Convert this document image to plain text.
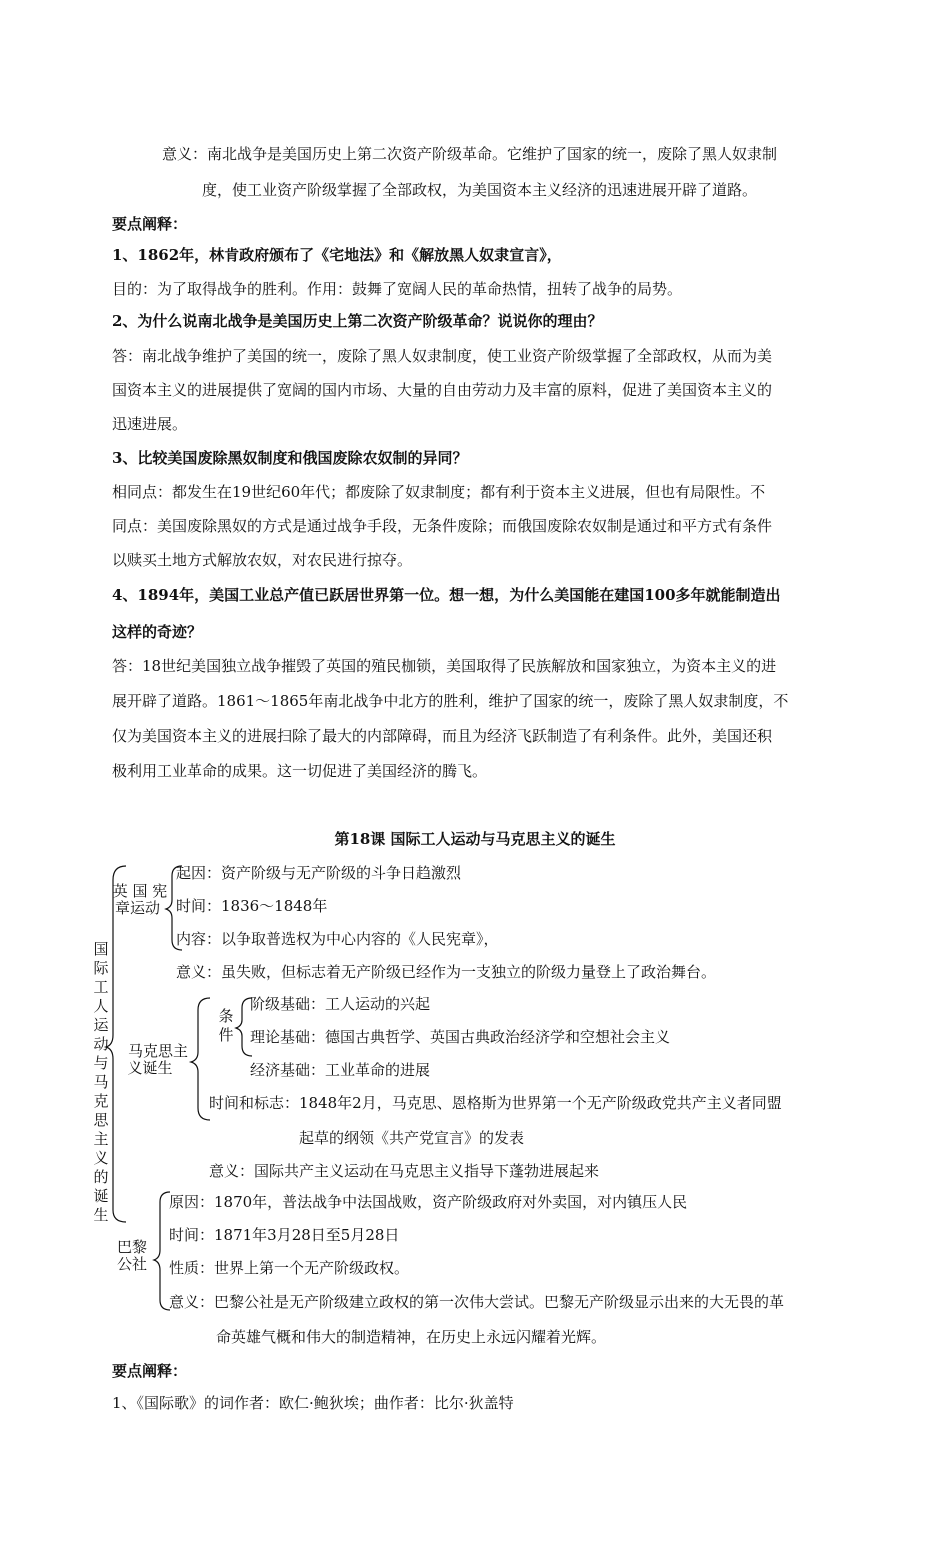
意义：南北战争是美国历史上第二次资产阶级革命。它维护了国家的统一，废除了黑人奴隶制
度，使工业资产阶级掌握了全部政权，为美国资本主义经济的迅速进展开辟了道路。
要点阐释：
1、1862年，林肯政府颁布了《宅地法》和《解放黑人奴隶宣言》，
目的：为了取得战争的胜利。作用：鼓舞了宽阔人民的革命热情，扭转了战争的局势。
2、为什么说南北战争是美国历史上第二次资产阶级革命？说说你的理由？
答：南北战争维护了美国的统一，废除了黑人奴隶制度，使工业资产阶级掌握了全部政权，从而为美
国资本主义的进展提供了宽阔的国内市场、大量的自由劳动力及丰富的原料，促进了美国资本主义的
迅速进展。
3、比较美国废除黑奴制度和俄国废除农奴制的异同？
相同点：都发生在19世纪60年代；都废除了奴隶制度；都有利于资本主义进展，但也有局限性。不
同点：美国废除黑奴的方式是通过战争手段，无条件废除；而俄国废除农奴制是通过和平方式有条件
以赎买土地方式解放农奴，对农民进行掠夺。
4、1894年，美国工业总产值已跃居世界第一位。想一想，为什么美国能在建国100多年就能制造出
这样的奇迹？
答：18世纪美国独立战争摧毁了英国的殖民枷锁，美国取得了民族解放和国家独立，为资本主义的进
展开辟了道路。1861～1865年南北战争中北方的胜利，维护了国家的统一，废除了黑人奴隶制度，不
仅为美国资本主义的进展扫除了最大的内部障碍，而且为经济飞跃制造了有利条件。此外，美国还积
极利用工业革命的成果。这一切促进了美国经济的腾飞。
第18课 国际工人运动与马克思主义的诞生
国际工人运动与马克思主义的诞生
英 国 宪
章运动
起因：资产阶级与无产阶级的斗争日趋激烈
时间：1836～1848年
内容：以争取普选权为中心内容的《人民宪章》，
意义：虽失败，但标志着无产阶级已经作为一支独立的阶级力量登上了政治舞台。
马克思主
义诞生
条件
阶级基础：工人运动的兴起
理论基础：德国古典哲学、英国古典政治经济学和空想社会主义
经济基础：工业革命的进展
时间和标志：1848年2月，马克思、恩格斯为世界第一个无产阶级政党共产主义者同盟
起草的纲领《共产党宣言》的发表
意义：国际共产主义运动在马克思主义指导下蓬勃进展起来
巴黎
公社
原因：1870年，普法战争中法国战败，资产阶级政府对外卖国，对内镇压人民
时间：1871年3月28日至5月28日
性质：世界上第一个无产阶级政权。
意义：巴黎公社是无产阶级建立政权的第一次伟大尝试。巴黎无产阶级显示出来的大无畏的革
命英雄气概和伟大的制造精神，在历史上永远闪耀着光辉。
要点阐释：
1、《国际歌》的词作者：欧仁·鲍狄埃；曲作者：比尔·狄盖特
